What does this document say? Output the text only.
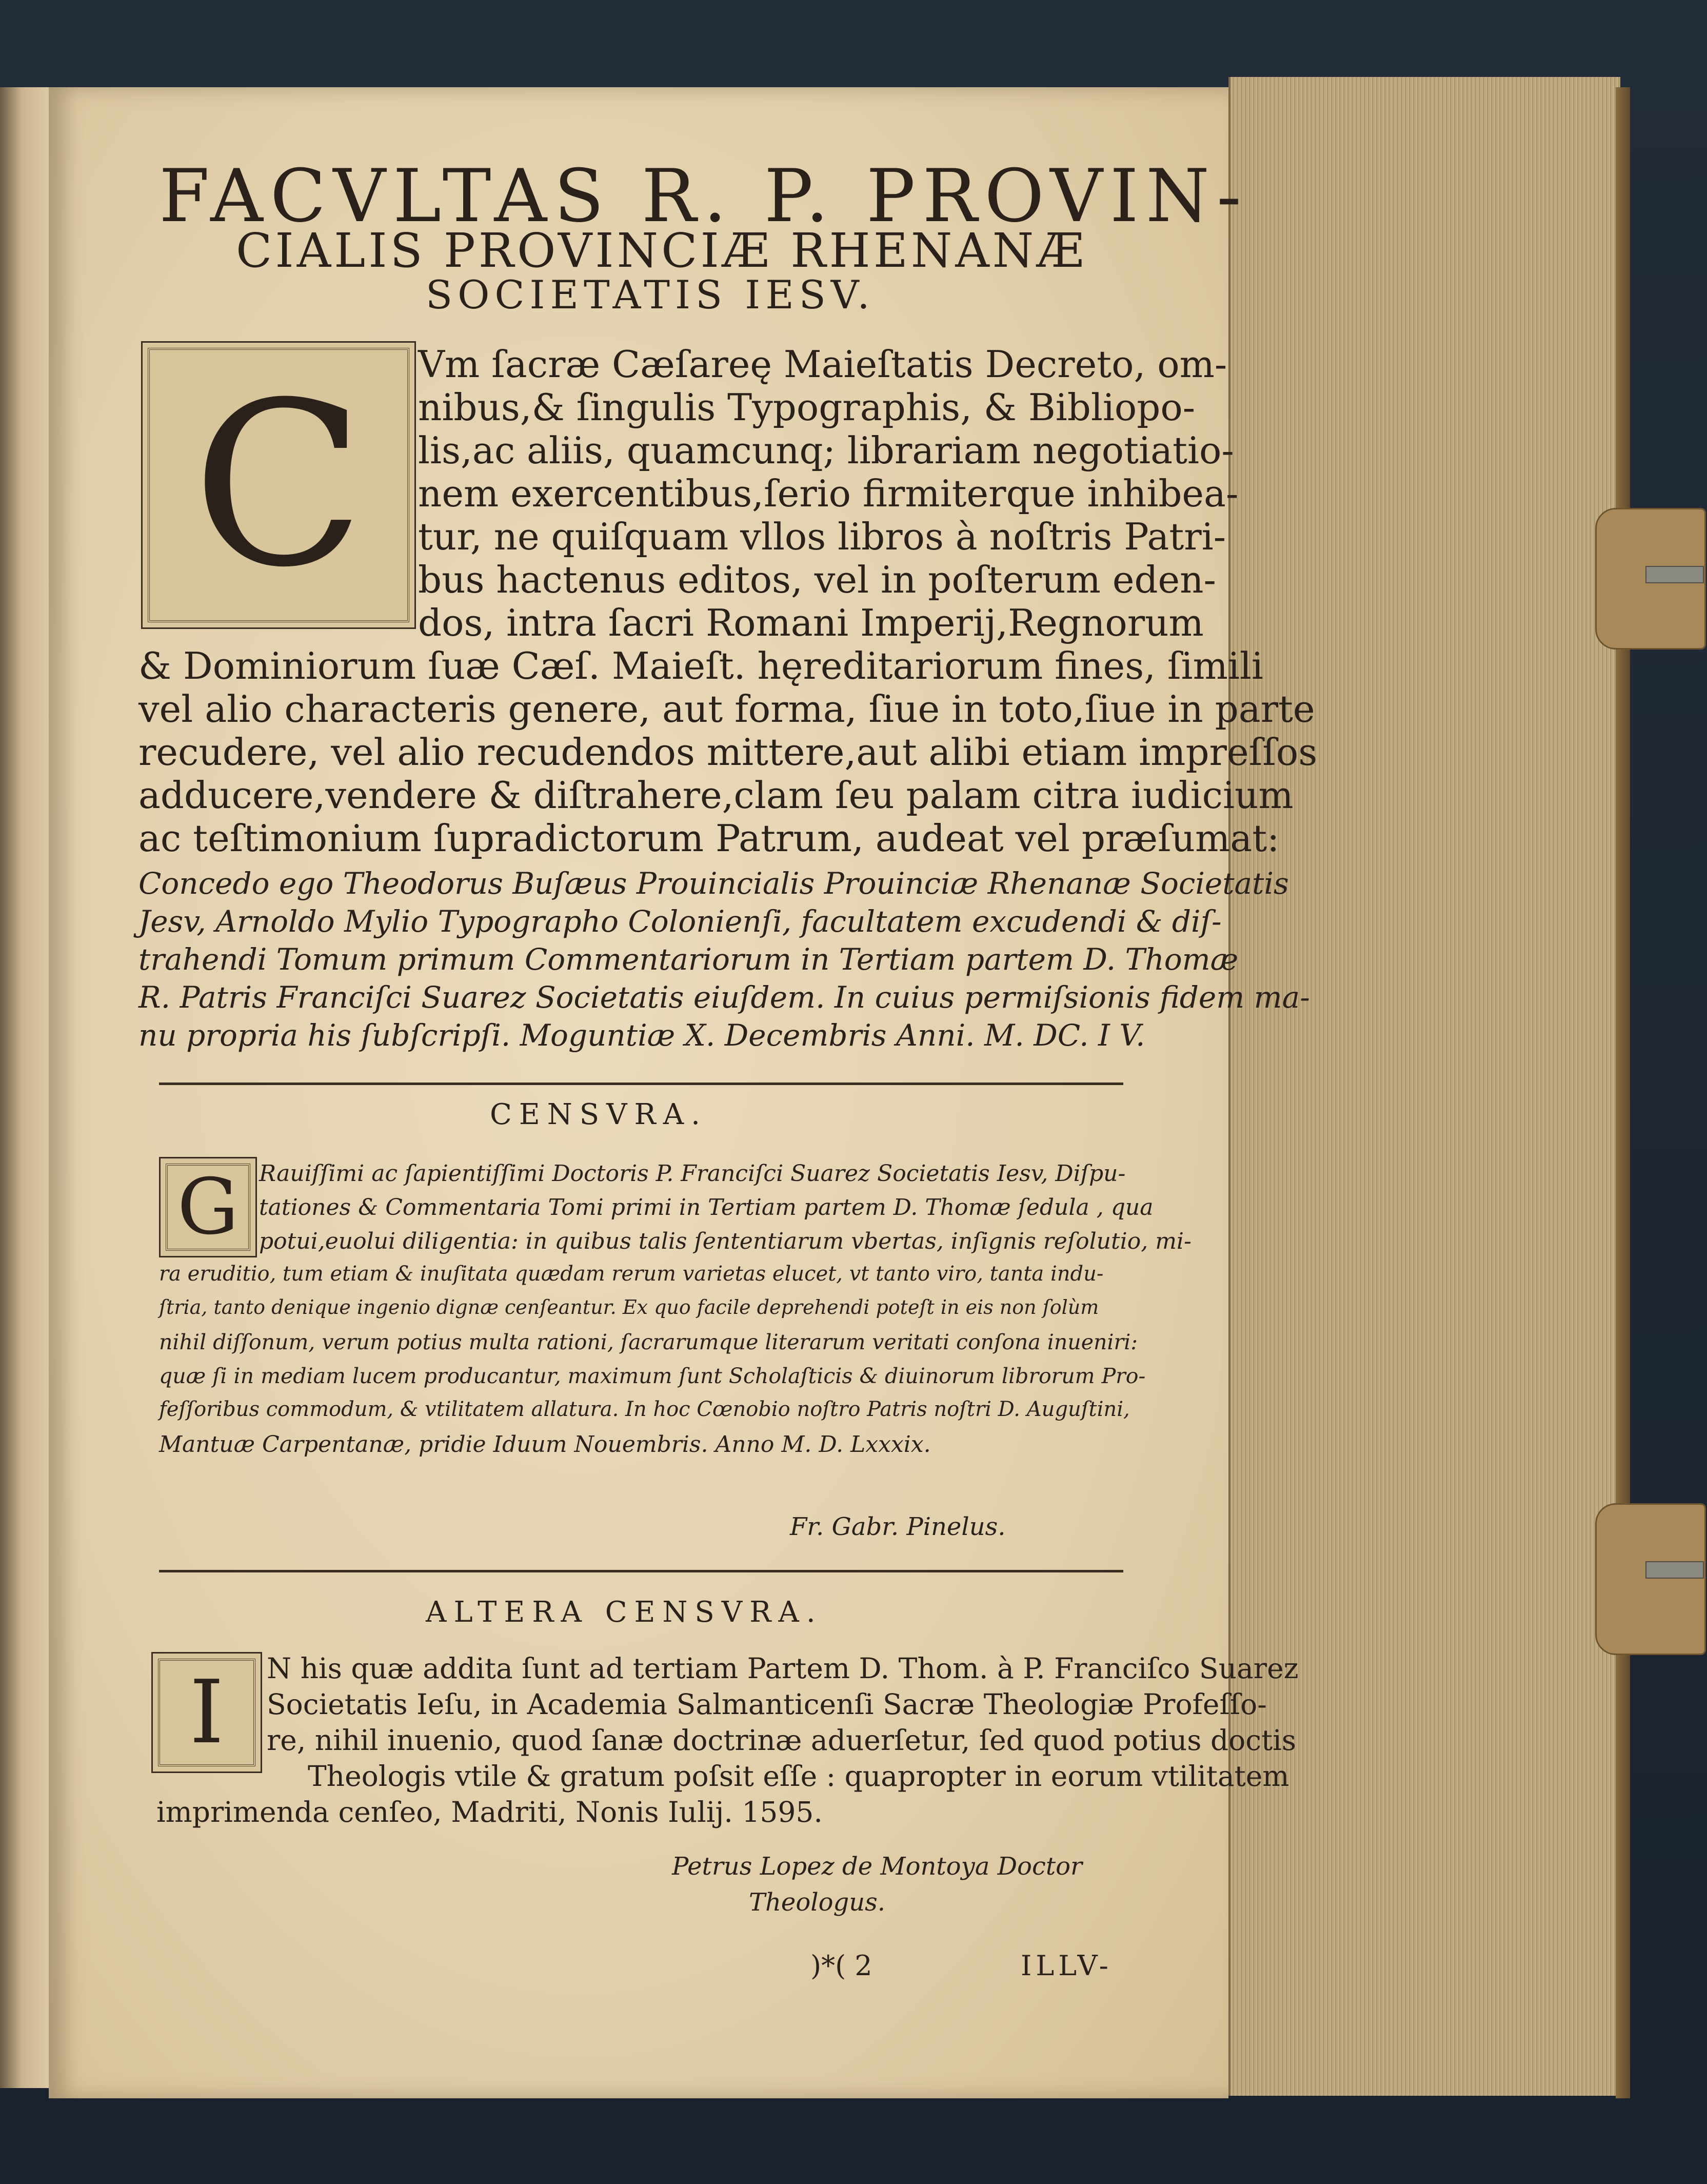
FACVLTAS R. P. PROVIN-
CIALIS PROVINCIÆ RHENANÆ
SOCIETATIS IESV.
C Vm ſacræ Cæſareę Maieſtatis Decreto, om-
nibus,& ſingulis Typographis, & Bibliopo-
lis,ac aliis, quamcunq; librariam negotiatio-
nem exercentibus,ſerio firmiterque inhibea-
tur, ne quiſquam vllos libros à noſtris Patri-
bus hactenus editos, vel in poſterum eden-
dos, intra ſacri Romani Imperij,Regnorum
& Dominiorum ſuæ Cæſ. Maieſt. hęreditariorum fines, ſimili
vel alio characteris genere, aut forma, ſiue in toto,ſiue in parte
recudere, vel alio recudendos mittere,aut alibi etiam impreſſos
adducere,vendere & diſtrahere,clam ſeu palam citra iudicium
ac teſtimonium ſupradictorum Patrum, audeat vel præſumat:
Concedo ego Theodorus Buſæus Prouincialis Prouinciæ Rhenanæ Societatis
Jesv, Arnoldo Mylio Typographo Colonienſi, facultatem excudendi & diſ-
trahendi Tomum primum Commentariorum in Tertiam partem D. Thomæ
R. Patris Franciſci Suarez Societatis eiuſdem. In cuius permiſsionis fidem ma-
nu propria his ſubſcripſi. Moguntiæ X. Decembris Anni. M. DC. I V.
CENSVRA.
G Rauiſſimi ac ſapientiſſimi Doctoris P. Franciſci Suarez Societatis Iesv, Diſpu-
tationes & Commentaria Tomi primi in Tertiam partem D. Thomæ ſedula , qua
potui,euolui diligentia: in quibus talis ſententiarum vbertas, inſignis reſolutio, mi-
ra eruditio, tum etiam & inuſitata quædam rerum varietas elucet, vt tanto viro, tanta indu-
ſtria, tanto denique ingenio dignæ cenſeantur. Ex quo facile deprehendi poteſt in eis non ſolùm
nihil diſſonum, verum potius multa rationi, ſacrarumque literarum veritati conſona inueniri:
quæ ſi in mediam lucem producantur, maximum ſunt Scholaſticis & diuinorum librorum Pro-
feſſoribus commodum, & vtilitatem allatura. In hoc Cœnobio noſtro Patris noſtri D. Auguſtini,
Mantuæ Carpentanæ, pridie Iduum Nouembris. Anno M. D. Lxxxix.
Fr. Gabr. Pinelus.
ALTERA CENSVRA.
I N his quæ addita ſunt ad tertiam Partem D. Thom. à P. Franciſco Suarez
Societatis Ieſu, in Academia Salmanticenſi Sacræ Theologiæ Profeſſo-
re, nihil inuenio, quod ſanæ doctrinæ aduerſetur, ſed quod potius doctis
Theologis vtile & gratum poſsit eſſe : quapropter in eorum vtilitatem
imprimenda cenſeo, Madriti, Nonis Iulij. 1595.
Petrus Lopez de Montoya Doctor
Theologus.
)*( 2	ILLV-
